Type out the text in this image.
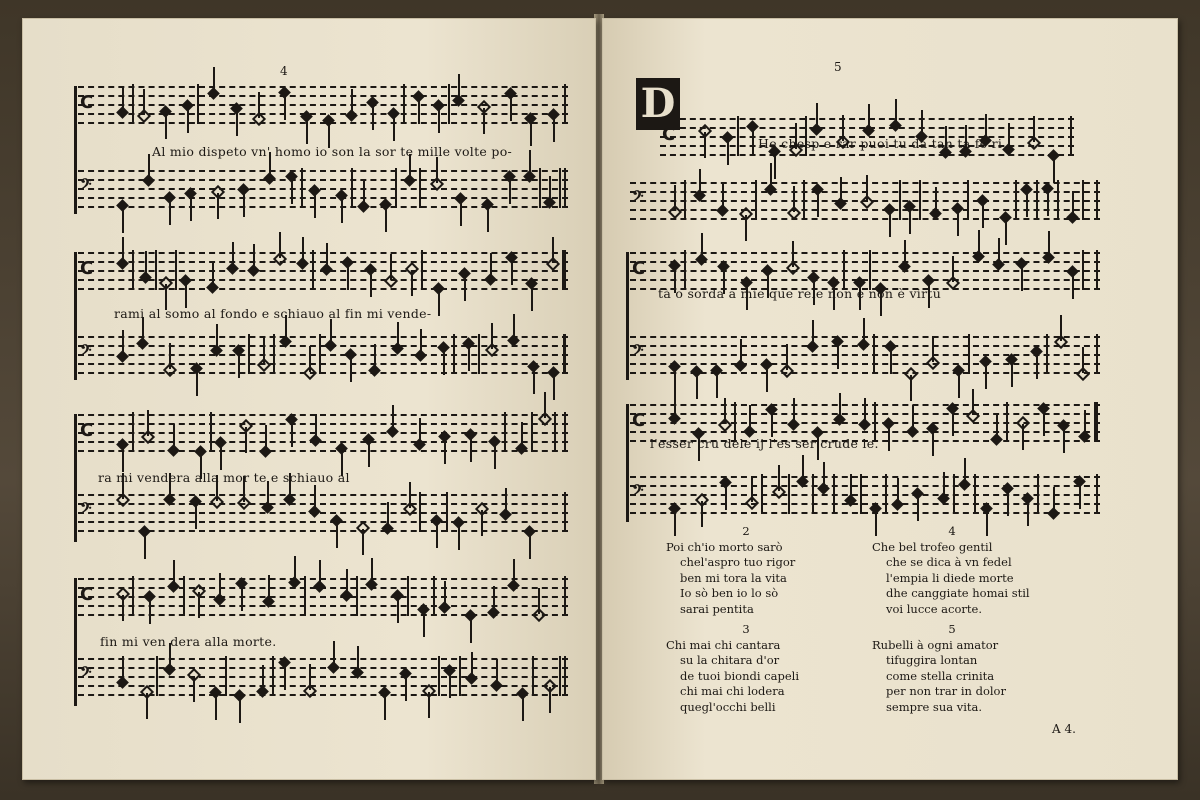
4
C
𝄢
C
𝄢
C
𝄢
C
𝄢
Al mio dispeto vn' homo io son la sor te mille volte po-
rami al somo al fondo e schiauo al fin mi vende-
ra mi vendera alla mor te e schiauo al
fin mi ven dera alla morte.
5
D
C
𝄢
C
𝄢
C
𝄢
He chesp e rar puoi tu da tan ta fe ri
tà o sorda a mie que rele non e non è virtù
l'esser cru dele ij l'es ser crude le.
2
Poi ch'io morto sarò
chel'aspro tuo rigor
ben mi tora la vita
Io sò ben io lo sò
sarai pentita
4
Che bel trofeo gentil
che se dica à vn fedel
l'empia li diede morte
dhe canggiate homai stil
voi lucce acorte.
3
Chi mai chi cantara
su la chitara d'or
de tuoi biondi capeli
chi mai chi lodera
quegl'occhi belli
5
Rubelli à ogni amator
tifuggira lontan
come stella crinita
per non trar in dolor
sempre sua vita.
A 4.
